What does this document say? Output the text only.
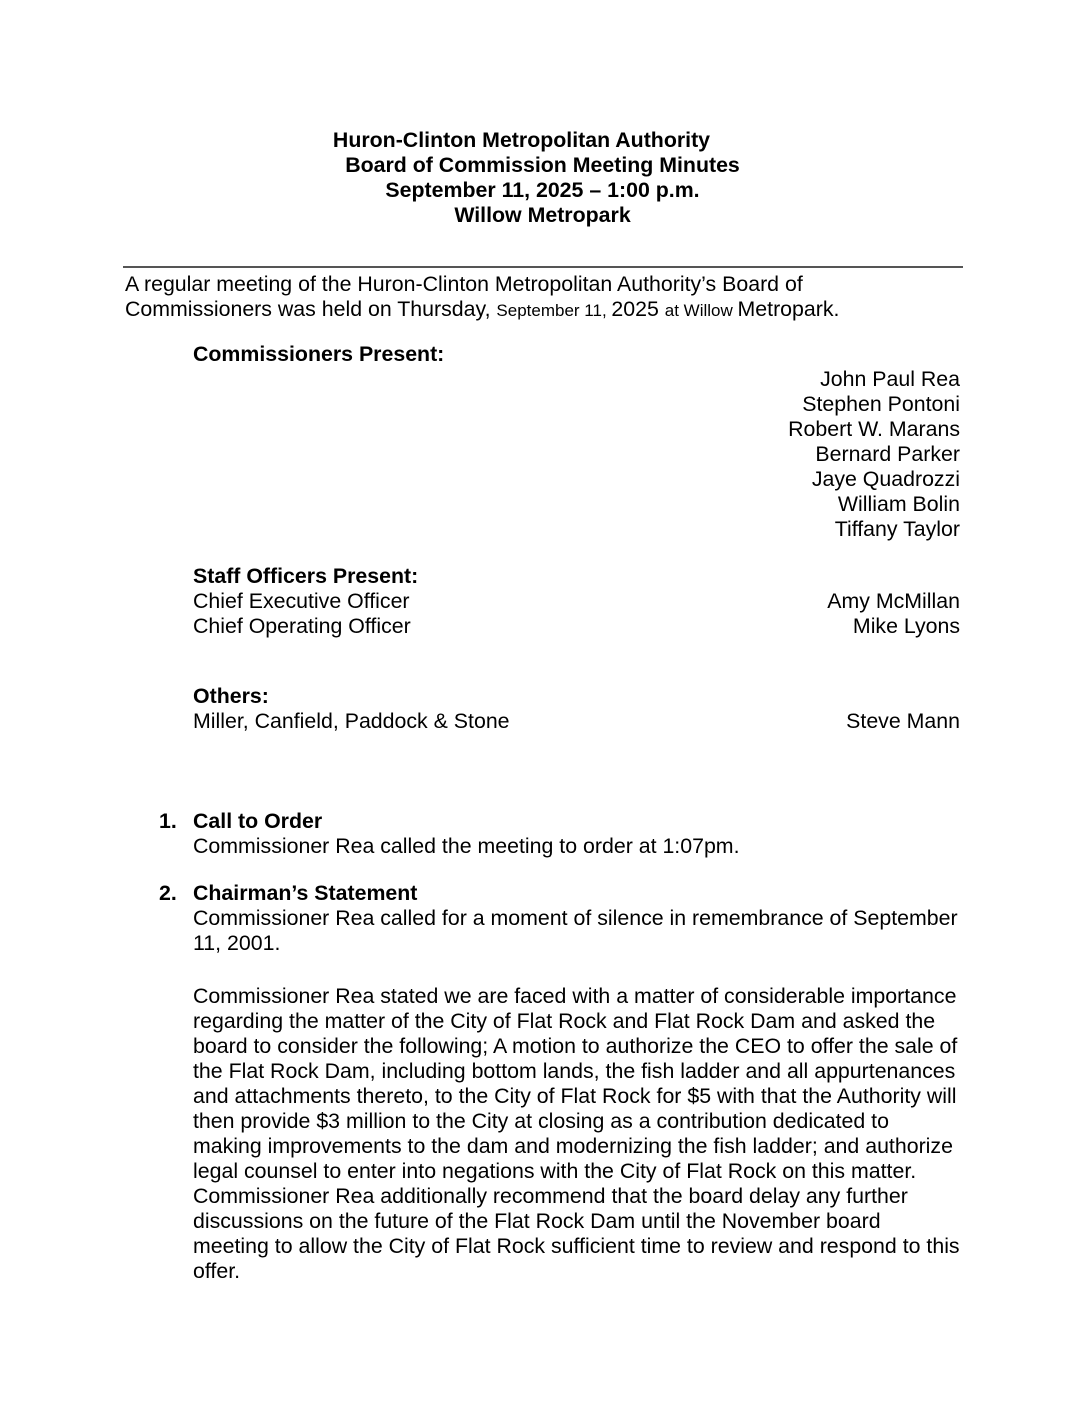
Huron-Clinton Metropolitan Authority
Board of Commission Meeting Minutes
September 11, 2025 – 1:00 p.m.
Willow Metropark

A regular meeting of the Huron-Clinton Metropolitan Authority’s Board of Commissioners was held on Thursday, September 11, 2025 at Willow Metropark.

Commissioners Present:
John Paul Rea
Stephen Pontoni
Robert W. Marans
Bernard Parker
Jaye Quadrozzi
William Bolin
Tiffany Taylor
Staff Officers Present:
Chief Executive Officer	Amy McMillan
Chief Operating Officer	Mike Lyons
Others:
Miller, Canfield, Paddock & Stone	Steve Mann
1. Call to Order

Commissioner Rea called the meeting to order at 1:07pm.

2. Chairman’s Statement

Commissioner Rea called for a moment of silence in remembrance of September 11, 2001.

Commissioner Rea stated we are faced with a matter of considerable importance regarding the matter of the City of Flat Rock and Flat Rock Dam and asked the board to consider the following; A motion to authorize the CEO to offer the sale of the Flat Rock Dam, including bottom lands, the fish ladder and all appurtenances and attachments thereto, to the City of Flat Rock for $5 with that the Authority will then provide $3 million to the City at closing as a contribution dedicated to making improvements to the dam and modernizing the fish ladder; and authorize legal counsel to enter into negations with the City of Flat Rock on this matter. Commissioner Rea additionally recommend that the board delay any further discussions on the future of the Flat Rock Dam until the November board meeting to allow the City of Flat Rock sufficient time to review and respond to this offer.
